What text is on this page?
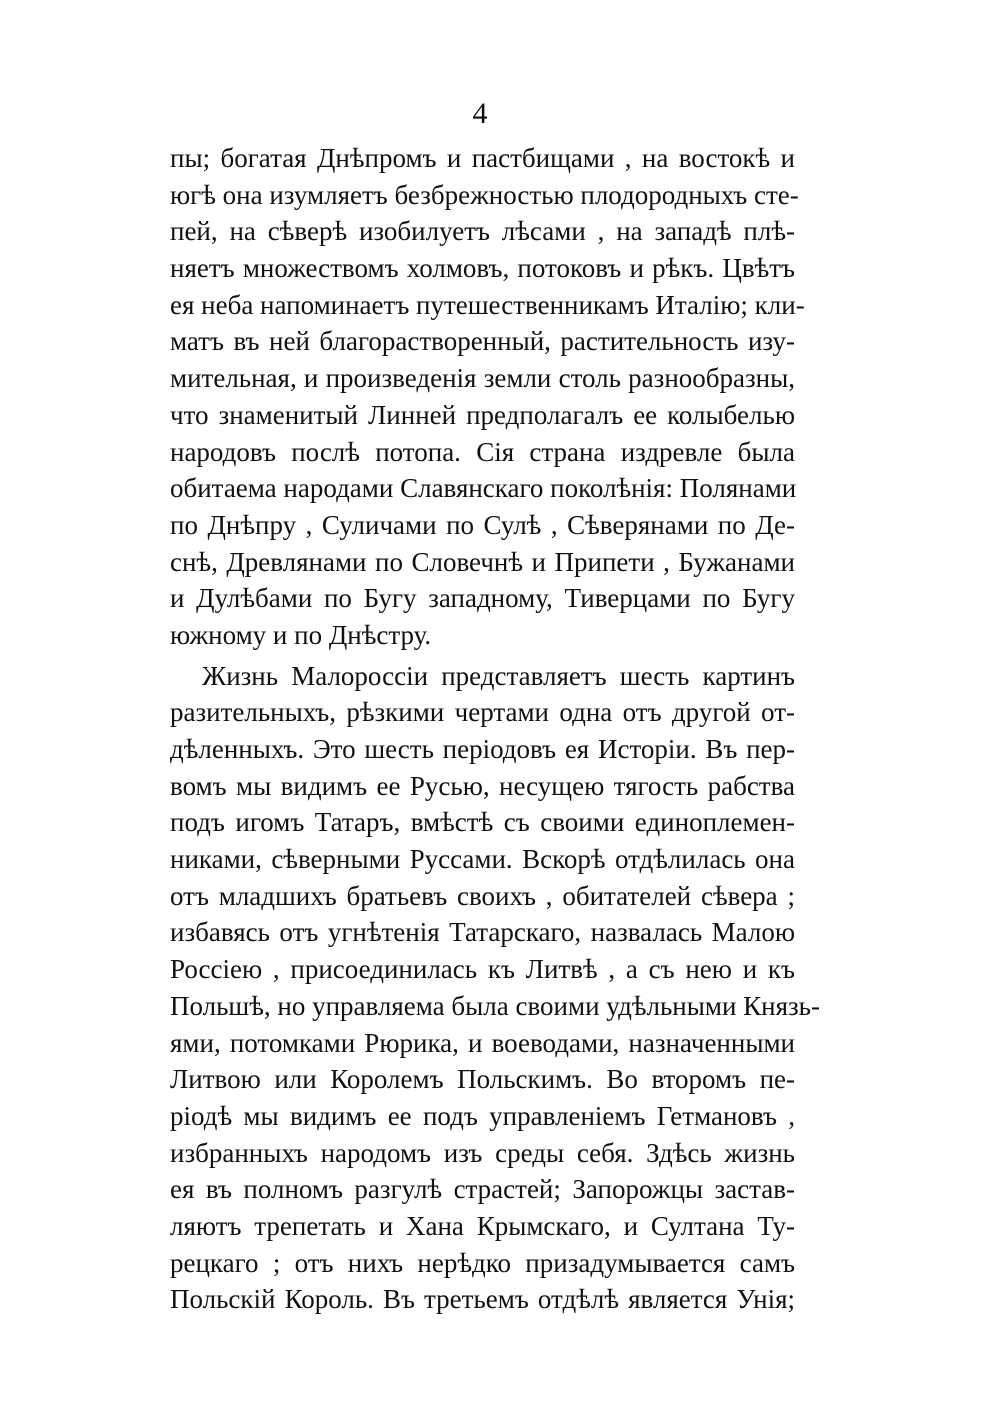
4
пы; богатая Днѣпромъ и пастбищами , на востокѣ и
югѣ она изумляетъ безбрежностью плодородныхъ сте-
пей, на сѣверѣ изобилуетъ лѣсами , на западѣ плѣ-
няетъ множествомъ холмовъ, потоковъ и рѣкъ. Цвѣтъ
ея неба напоминаетъ путешественникамъ Италію; кли-
матъ въ ней благорастворенный, растительность изу-
мительная, и произведенія земли столь разнообразны,
что знаменитый Линней предполагалъ ее колыбелью
народовъ послѣ потопа. Сія страна издревле была
обитаема народами Славянскаго поколѣнія: Полянами
по Днѣпру , Суличами по Сулѣ , Сѣверянами по Де-
снѣ, Древлянами по Словечнѣ и Припети , Бужанами
и Дулѣбами по Бугу западному, Тиверцами по Бугу
южному и по Днѣстру.
Жизнь Малороссіи представляетъ шесть картинъ
разительныхъ, рѣзкими чертами одна отъ другой от-
дѣленныхъ. Это шесть періодовъ ея Исторіи. Въ пер-
вомъ мы видимъ ее Русью, несущею тягость рабства
подъ игомъ Татаръ, вмѣстѣ съ своими единоплемен-
никами, сѣверными Руссами. Вскорѣ отдѣлилась она
отъ младшихъ братьевъ своихъ , обитателей сѣвера ;
избавясь отъ угнѣтенія Татарскаго, назвалась Малою
Россіею , присоединилась къ Литвѣ , а съ нею и къ
Польшѣ, но управляема была своими удѣльными Князь-
ями, потомками Рюрика, и воеводами, назначенными
Литвою или Королемъ Польскимъ. Во второмъ пе-
ріодѣ мы видимъ ее подъ управленіемъ Гетмановъ ,
избранныхъ народомъ изъ среды себя. Здѣсь жизнь
ея въ полномъ разгулѣ страстей; Запорожцы застав-
ляютъ трепетать и Хана Крымскаго, и Султана Ту-
рецкаго ; отъ нихъ нерѣдко призадумывается самъ
Польскій Король. Въ третьемъ отдѣлѣ является Унія;
